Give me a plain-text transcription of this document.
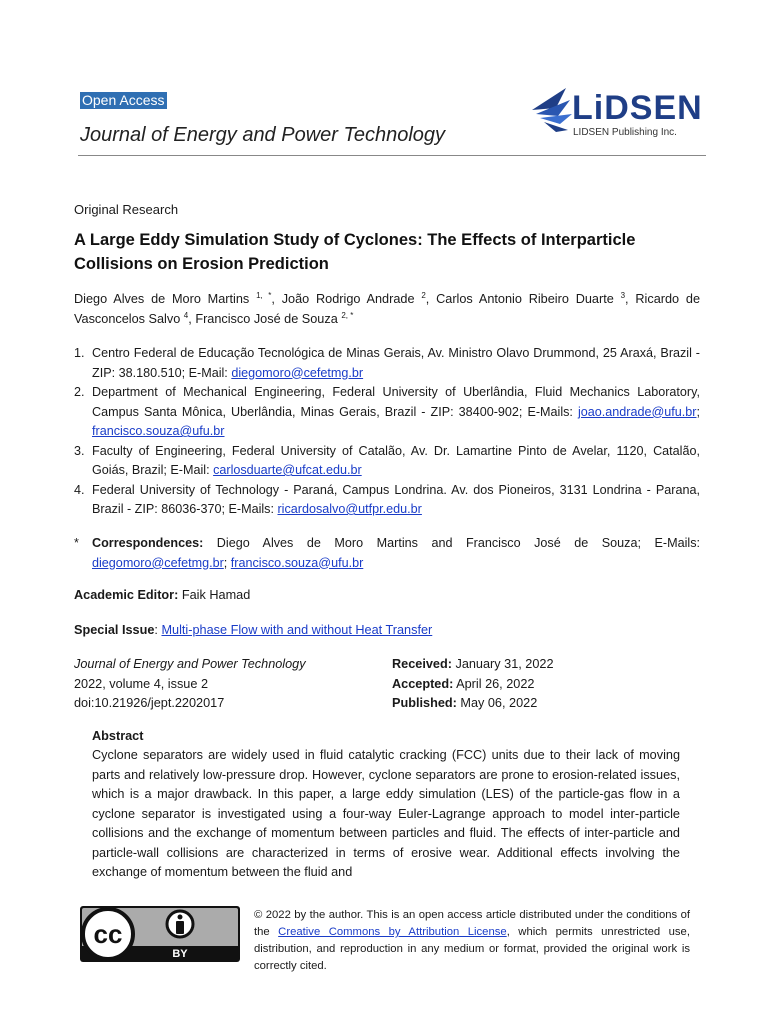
Open Access
Journal of Energy and Power Technology
LiDSEN
LIDSEN Publishing Inc.
Original Research
A Large Eddy Simulation Study of Cyclones: The Effects of Interparticle Collisions on Erosion Prediction
Diego Alves de Moro Martins $^{1, *}$, João Rodrigo Andrade $^2$, Carlos Antonio Ribeiro Duarte $^3$, Ricardo de Vasconcelos Salvo $^4$, Francisco José de Souza $^{2, *}$
1. Centro Federal de Educação Tecnológica de Minas Gerais, Av. Ministro Olavo Drummond, 25 Araxá, Brazil - ZIP: 38.180.510; E-Mail: diegomoro@cefetmg.br
2. Department of Mechanical Engineering, Federal University of Uberlândia, Fluid Mechanics Laboratory, Campus Santa Mônica, Uberlândia, Minas Gerais, Brazil - ZIP: 38400-902; E-Mails: joao.andrade@ufu.br; francisco.souza@ufu.br
3. Faculty of Engineering, Federal University of Catalão, Av. Dr. Lamartine Pinto de Avelar, 1120, Catalão, Goiás, Brazil; E-Mail: carlosduarte@ufcat.edu.br
4. Federal University of Technology - Paraná, Campus Londrina. Av. dos Pioneiros, 3131 Londrina - Parana, Brazil - ZIP: 86036-370; E-Mails: ricardosalvo@utfpr.edu.br
* Correspondences: Diego Alves de Moro Martins and Francisco José de Souza; E-Mails: diegomoro@cefetmg.br; francisco.souza@ufu.br
Academic Editor: Faik Hamad
Special Issue: Multi-phase Flow with and without Heat Transfer
Journal of Energy and Power Technology
2022, volume 4, issue 2
doi:10.21926/jept.2202017
Received: January 31, 2022
Accepted: April 26, 2022
Published: May 06, 2022
Abstract
Cyclone separators are widely used in fluid catalytic cracking (FCC) units due to their lack of moving parts and relatively low-pressure drop. However, cyclone separators are prone to erosion-related issues, which is a major drawback. In this paper, a large eddy simulation (LES) of the particle-gas flow in a cyclone separator is investigated using a four-way Euler-Lagrange approach to model inter-particle collisions and the exchange of momentum between particles and fluid. The effects of inter-particle and particle-wall collisions are characterized in terms of erosive wear. Additional effects involving the exchange of momentum between the fluid and
cc
BY
© 2022 by the author. This is an open access article distributed under the conditions of the Creative Commons by Attribution License, which permits unrestricted use, distribution, and reproduction in any medium or format, provided the original work is correctly cited.
